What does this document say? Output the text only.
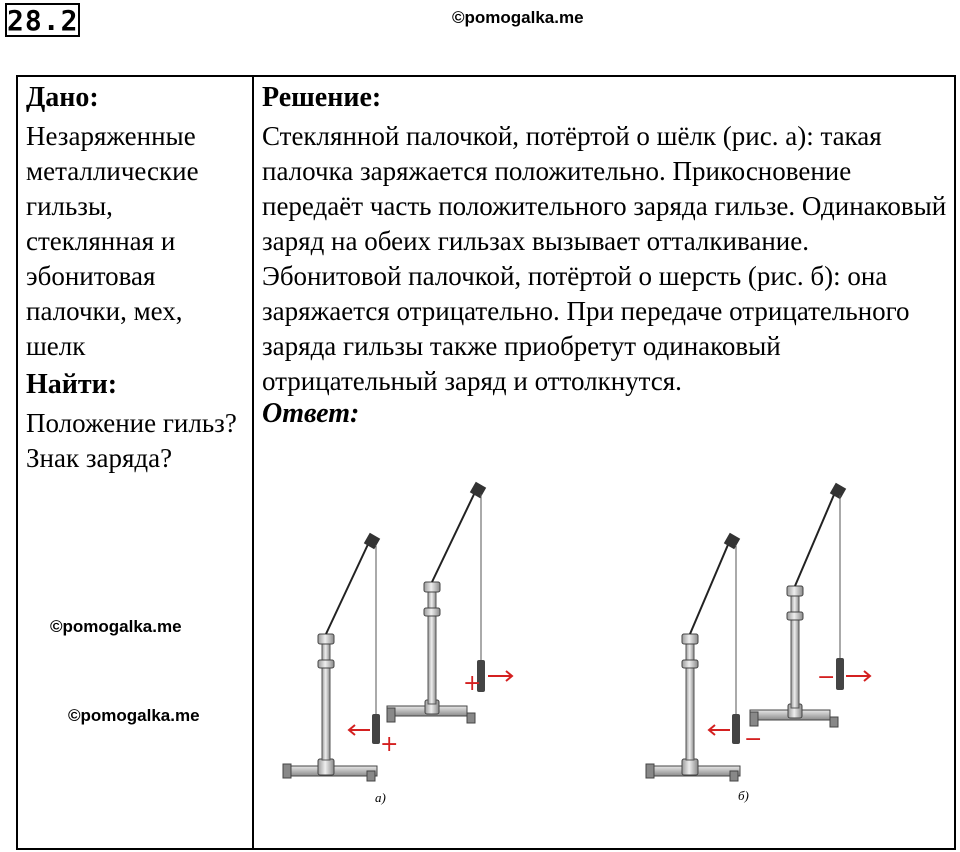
28.2	©pomogalka.me
Дано:
Незаряженные металлические гильзы, стеклянная и эбонитовая палочки, мех, шелк
Найти:
Положение гильз? Знак заряда?
Решение:
Стеклянной палочкой, потёртой о шёлк (рис. а): такая палочка заряжается положительно. Прикосновение передаёт часть положительного заряда гильзе. Одинаковый заряд на обеих гильзах вызывает отталкивание.
Эбонитовой палочкой, потёртой о шерсть (рис. б): она заряжается отрицательно. При передаче отрицательного заряда гильзы также приобретут одинаковый отрицательный заряд и оттолкнутся.
Ответ:
©pomogalka.me
©pomogalka.me
+
+
а)
−
−
б)
